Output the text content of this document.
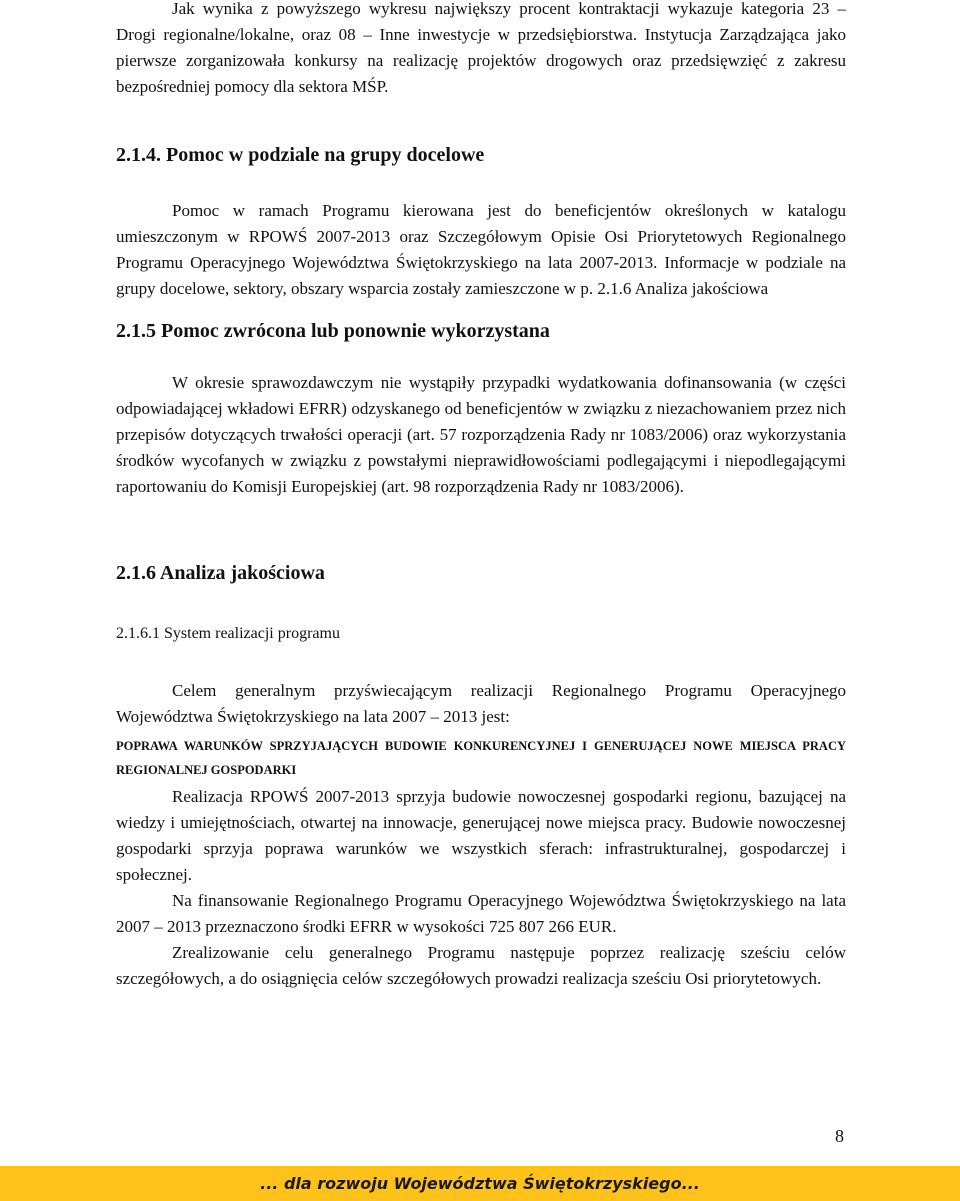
Jak wynika z powyższego wykresu największy procent kontraktacji wykazuje kategoria 23 – Drogi regionalne/lokalne, oraz 08 – Inne inwestycje w przedsiębiorstwa. Instytucja Zarządzająca jako pierwsze zorganizowała konkursy na realizację projektów drogowych oraz przedsięwzięć z zakresu bezpośredniej pomocy dla sektora MŚP.

2.1.4. Pomoc w podziale na grupy docelowe

Pomoc w ramach Programu kierowana jest do beneficjentów określonych w katalogu umieszczonym w RPOWŚ 2007-2013 oraz Szczegółowym Opisie Osi Priorytetowych Regionalnego Programu Operacyjnego Województwa Świętokrzyskiego na lata 2007-2013. Informacje w podziale na grupy docelowe, sektory, obszary wsparcia zostały zamieszczone w p. 2.1.6 Analiza jakościowa

2.1.5 Pomoc zwrócona lub ponownie wykorzystana

W okresie sprawozdawczym nie wystąpiły przypadki wydatkowania dofinansowania (w części odpowiadającej wkładowi EFRR) odzyskanego od beneficjentów w związku z niezachowaniem przez nich przepisów dotyczących trwałości operacji (art. 57 rozporządzenia Rady nr 1083/2006) oraz wykorzystania środków wycofanych w związku z powstałymi nieprawidłowościami podlegającymi i niepodlegającymi raportowaniu do Komisji Europejskiej (art. 98 rozporządzenia Rady nr 1083/2006).

2.1.6 Analiza jakościowa
2.1.6.1 System realizacji programu

Celem generalnym przyświecającym realizacji Regionalnego Programu Operacyjnego Województwa Świętokrzyskiego na lata 2007 – 2013 jest:

POPRAWA WARUNKÓW SPRZYJAJĄCYCH BUDOWIE KONKURENCYJNEJ I GENERUJĄCEJ NOWE MIEJSCA PRACY REGIONALNEJ GOSPODARKI

Realizacja RPOWŚ 2007-2013 sprzyja budowie nowoczesnej gospodarki regionu, bazującej na wiedzy i umiejętnościach, otwartej na innowacje, generującej nowe miejsca pracy. Budowie nowoczesnej gospodarki sprzyja poprawa warunków we wszystkich sferach: infrastrukturalnej, gospodarczej i społecznej.

Na finansowanie Regionalnego Programu Operacyjnego Województwa Świętokrzyskiego na lata 2007 – 2013 przeznaczono środki EFRR w wysokości 725 807 266 EUR.

Zrealizowanie celu generalnego Programu następuje poprzez realizację sześciu celów szczegółowych, a do osiągnięcia celów szczegółowych prowadzi realizacja sześciu Osi priorytetowych.

8
... dla rozwoju Województwa Świętokrzyskiego...
